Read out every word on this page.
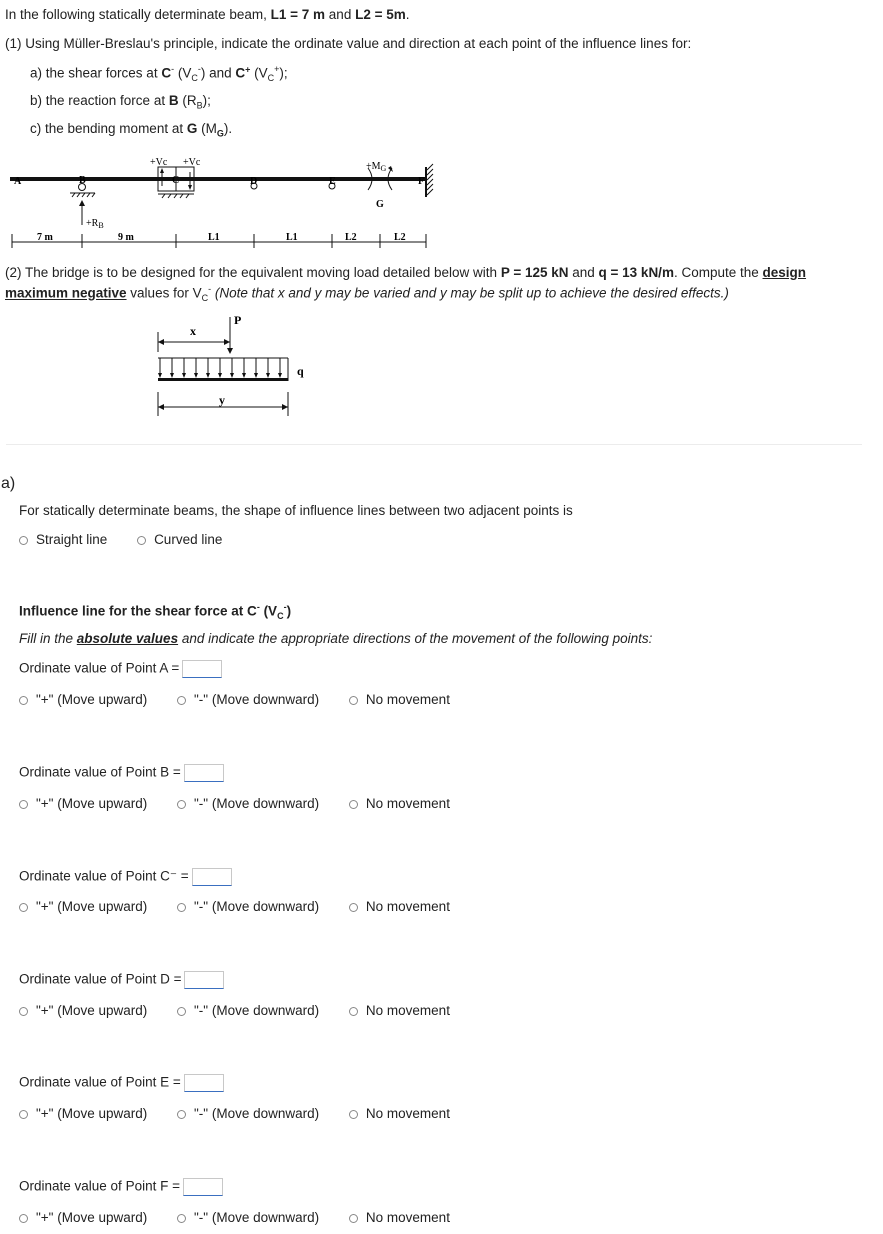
In the following statically determinate beam, L1 = 7 m and L2 = 5m.
(1) Using Müller-Breslau's principle, indicate the ordinate value and direction at each point of the influence lines for:
a) the shear forces at C- $(V_C^-)$ and C+ $(V_C^+)$;
b) the reaction force at B $(R_B)$;
c) the bending moment at G $(M_G)$.
A	B	C	D	E	F
G
+Vc +Vc	$+M_G$
$+R_B$
7 m	9 m	L1	L1	L2	L2
(2) The bridge is to be designed for the equivalent moving load detailed below with P = 125 kN and q = 13 kN/m. Compute the design
maximum negative values for $V_C^-$ (Note that x and y may be varied and y may be split up to achieve the desired effects.)
x
P
q
y
a)
For statically determinate beams, the shape of influence lines between two adjacent points is
Straight line	Curved line
Influence line for the shear force at C- $(V_C^-)$
Fill in the absolute values and indicate the appropriate directions of the movement of the following points:
Ordinate value of Point A =
"+" (Move upward)	"-" (Move downward)	No movement
Ordinate value of Point B =
"+" (Move upward)	"-" (Move downward)	No movement
Ordinate value of Point C⁻ =
"+" (Move upward)	"-" (Move downward)	No movement
Ordinate value of Point D =
"+" (Move upward)	"-" (Move downward)	No movement
Ordinate value of Point E =
"+" (Move upward)	"-" (Move downward)	No movement
Ordinate value of Point F =
"+" (Move upward)	"-" (Move downward)	No movement
